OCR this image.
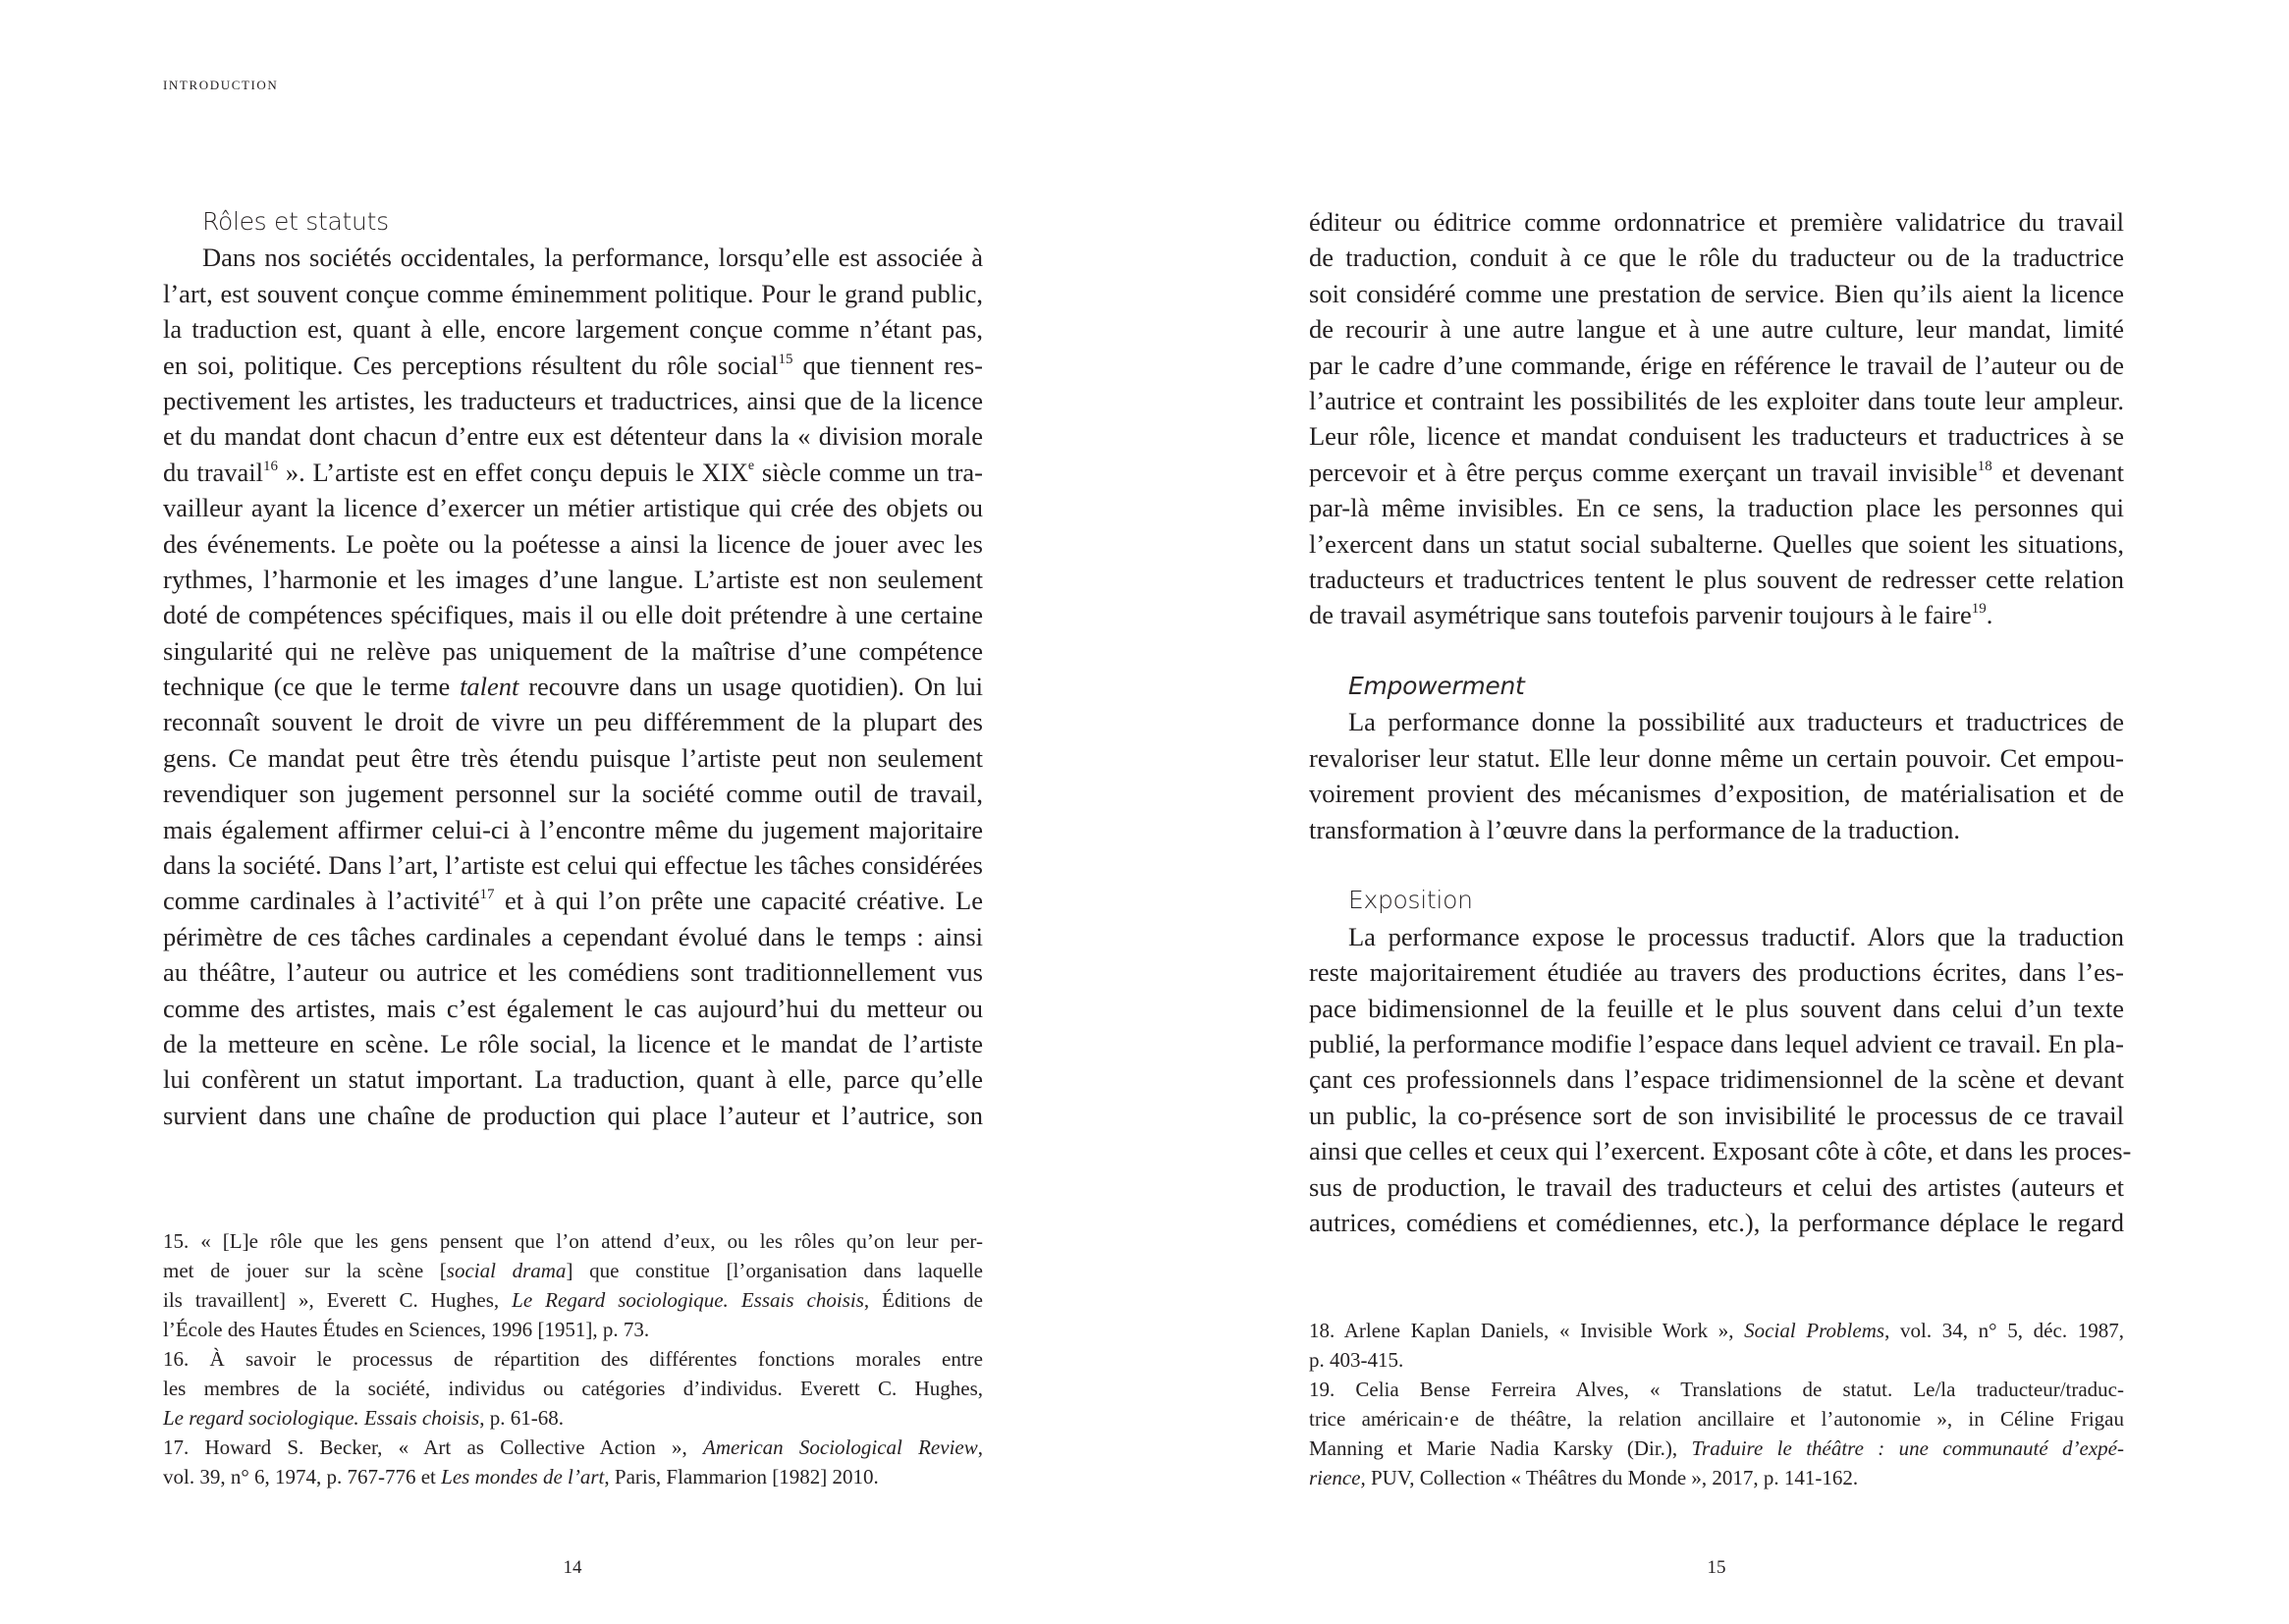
introduction
Rôles et statuts
Dans nos sociétés occidentales, la performance, lorsqu’elle est associée à
l’art, est souvent conçue comme éminemment politique. Pour le grand public,
la traduction est, quant à elle, encore largement conçue comme n’étant pas,
en soi, politique. Ces perceptions résultent du rôle social$^{15}$ que tiennent res-
pectivement les artistes, les traducteurs et traductrices, ainsi que de la licence
et du mandat dont chacun d’entre eux est détenteur dans la « division morale
du travail$^{16}$ ». L’artiste est en effet conçu depuis le XIXe siècle comme un tra-
vailleur ayant la licence d’exercer un métier artistique qui crée des objets ou
des événements. Le poète ou la poétesse a ainsi la licence de jouer avec les
rythmes, l’harmonie et les images d’une langue. L’artiste est non seulement
doté de compétences spécifiques, mais il ou elle doit prétendre à une certaine
singularité qui ne relève pas uniquement de la maîtrise d’une compétence
technique (ce que le terme talent recouvre dans un usage quotidien). On lui
reconnaît souvent le droit de vivre un peu différemment de la plupart des
gens. Ce mandat peut être très étendu puisque l’artiste peut non seulement
revendiquer son jugement personnel sur la société comme outil de travail,
mais également affirmer celui-ci à l’encontre même du jugement majoritaire
dans la société. Dans l’art, l’artiste est celui qui effectue les tâches considérées
comme cardinales à l’activité$^{17}$ et à qui l’on prête une capacité créative. Le
périmètre de ces tâches cardinales a cependant évolué dans le temps : ainsi
au théâtre, l’auteur ou autrice et les comédiens sont traditionnellement vus
comme des artistes, mais c’est également le cas aujourd’hui du metteur ou
de la metteure en scène. Le rôle social, la licence et le mandat de l’artiste
lui confèrent un statut important. La traduction, quant à elle, parce qu’elle
survient dans une chaîne de production qui place l’auteur et l’autrice, son
15. « [L]e rôle que les gens pensent que l’on attend d’eux, ou les rôles qu’on leur per-
met de jouer sur la scène [social drama] que constitue [l’organisation dans laquelle
ils travaillent] », Everett C. Hughes, Le Regard sociologique. Essais choisis, Éditions de
l’École des Hautes Études en Sciences, 1996 [1951], p. 73.
16. À savoir le processus de répartition des différentes fonctions morales entre
les membres de la société, individus ou catégories d’individus. Everett C. Hughes,
Le regard sociologique. Essais choisis, p. 61-68.
17. Howard S. Becker, « Art as Collective Action », American Sociological Review,
vol. 39, n° 6, 1974, p. 767-776 et Les mondes de l’art, Paris, Flammarion [1982] 2010.
14
éditeur ou éditrice comme ordonnatrice et première validatrice du travail
de traduction, conduit à ce que le rôle du traducteur ou de la traductrice
soit considéré comme une prestation de service. Bien qu’ils aient la licence
de recourir à une autre langue et à une autre culture, leur mandat, limité
par le cadre d’une commande, érige en référence le travail de l’auteur ou de
l’autrice et contraint les possibilités de les exploiter dans toute leur ampleur.
Leur rôle, licence et mandat conduisent les traducteurs et traductrices à se
percevoir et à être perçus comme exerçant un travail invisible$^{18}$ et devenant
par-là même invisibles. En ce sens, la traduction place les personnes qui
l’exercent dans un statut social subalterne. Quelles que soient les situations,
traducteurs et traductrices tentent le plus souvent de redresser cette relation
de travail asymétrique sans toutefois parvenir toujours à le faire$^{19}$.
Empowerment
La performance donne la possibilité aux traducteurs et traductrices de
revaloriser leur statut. Elle leur donne même un certain pouvoir. Cet empou-
voirement provient des mécanismes d’exposition, de matérialisation et de
transformation à l’œuvre dans la performance de la traduction.
Exposition
La performance expose le processus traductif. Alors que la traduction
reste majoritairement étudiée au travers des productions écrites, dans l’es-
pace bidimensionnel de la feuille et le plus souvent dans celui d’un texte
publié, la performance modifie l’espace dans lequel advient ce travail. En pla-
çant ces professionnels dans l’espace tridimensionnel de la scène et devant
un public, la co-présence sort de son invisibilité le processus de ce travail
ainsi que celles et ceux qui l’exercent. Exposant côte à côte, et dans les proces-
sus de production, le travail des traducteurs et celui des artistes (auteurs et
autrices, comédiens et comédiennes, etc.), la performance déplace le regard
18. Arlene Kaplan Daniels, « Invisible Work », Social Problems, vol. 34, n° 5, déc. 1987,
p. 403-415.
19. Celia Bense Ferreira Alves, « Translations de statut. Le/la traducteur/traduc-
trice américain·e de théâtre, la relation ancillaire et l’autonomie », in Céline Frigau
Manning et Marie Nadia Karsky (Dir.), Traduire le théâtre : une communauté d’expé-
rience, PUV, Collection « Théâtres du Monde », 2017, p. 141-162.
15
